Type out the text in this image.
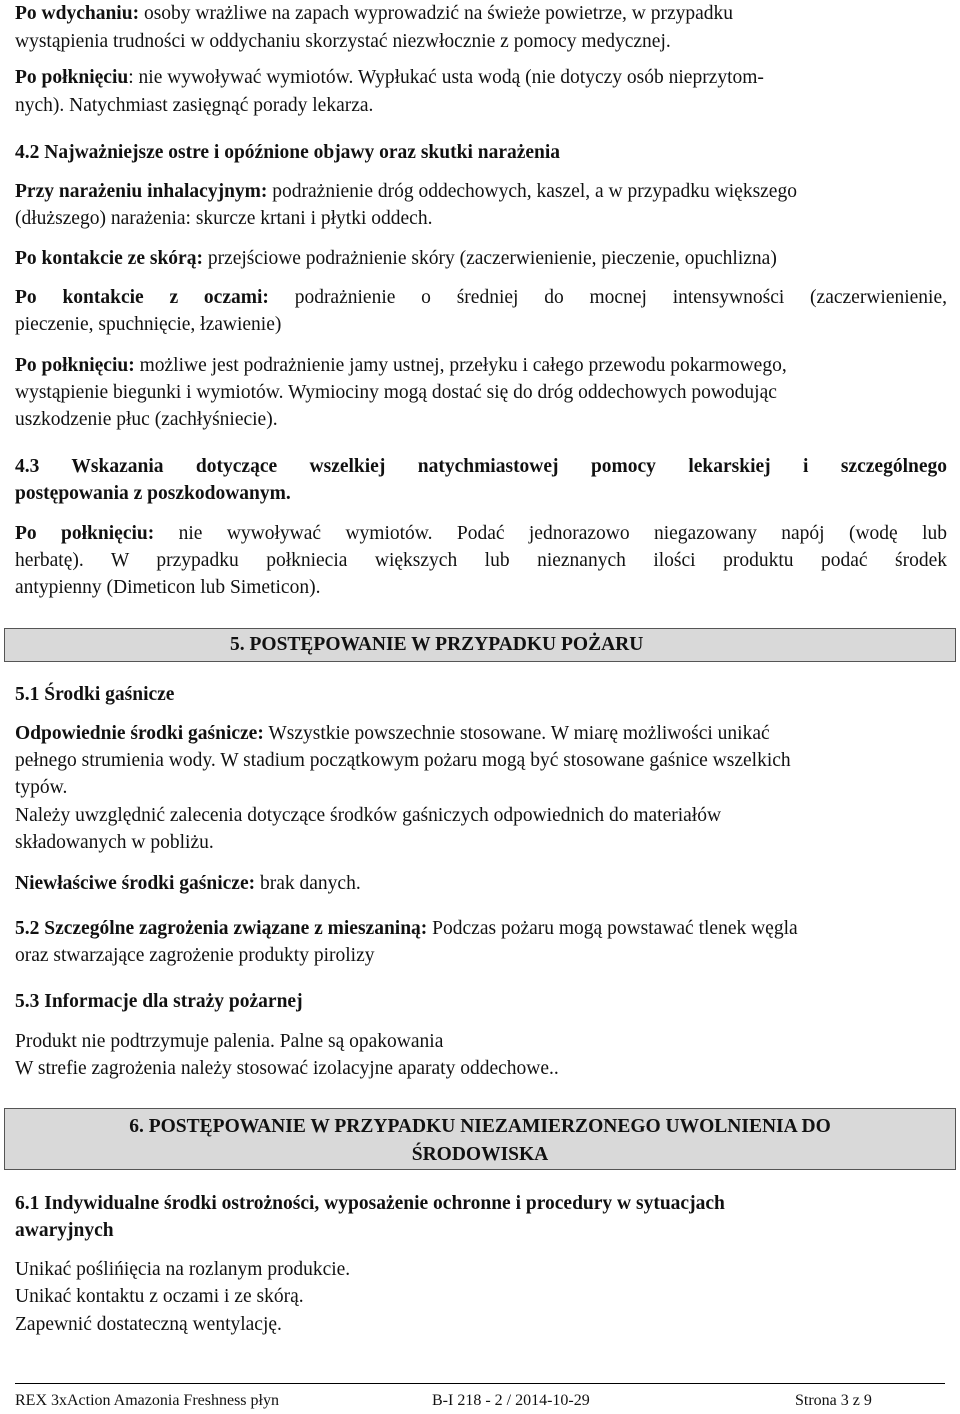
Po wdychaniu: osoby wrażliwe na zapach wyprowadzić na świeże powietrze, w przypadku

wystąpienia trudności w oddychaniu skorzystać niezwłocznie z pomocy medycznej.

Po połknięciu: nie wywoływać wymiotów. Wypłukać usta wodą (nie dotyczy osób nieprzytom-

nych). Natychmiast zasięgnąć porady lekarza.

4.2 Najważniejsze ostre i opóźnione objawy oraz skutki narażenia

Przy narażeniu inhalacyjnym: podrażnienie dróg oddechowych, kaszel, a w przypadku większego

(dłuższego) narażenia: skurcze krtani i płytki oddech.

Po kontakcie ze skórą: przejściowe podrażnienie skóry (zaczerwienienie, pieczenie, opuchlizna)

Po kontakcie z oczami: podrażnienie o średniej do mocnej intensywności (zaczerwienienie,

pieczenie, spuchnięcie, łzawienie)

Po połknięciu: możliwe jest podrażnienie jamy ustnej, przełyku i całego przewodu pokarmowego,

wystąpienie biegunki i wymiotów. Wymiociny mogą dostać się do dróg oddechowych powodując

uszkodzenie płuc (zachłyśniecie).

4.3 Wskazania dotyczące wszelkiej natychmiastowej pomocy lekarskiej i szczególnego

postępowania z poszkodowanym.

Po połknięciu: nie wywoływać wymiotów. Podać jednorazowo niegazowany napój (wodę lub

herbatę). W przypadku połkniecia większych lub nieznanych ilości produktu podać środek

antypienny (Dimeticon lub Simeticon).

5. POSTĘPOWANIE W PRZYPADKU POŻARU

5.1 Środki gaśnicze

Odpowiednie środki gaśnicze: Wszystkie powszechnie stosowane. W miarę możliwości unikać

pełnego strumienia wody. W stadium początkowym pożaru mogą być stosowane gaśnice wszelkich

typów.

Należy uwzględnić zalecenia dotyczące środków gaśniczych odpowiednich do materiałów

składowanych w pobliżu.

Niewłaściwe środki gaśnicze: brak danych.

5.2 Szczególne zagrożenia związane z mieszaniną: Podczas pożaru mogą powstawać tlenek węgla

oraz stwarzające zagrożenie produkty pirolizy

5.3 Informacje dla straży pożarnej

Produkt nie podtrzymuje palenia. Palne są opakowania

W strefie zagrożenia należy stosować izolacyjne aparaty oddechowe..

6. POSTĘPOWANIE W PRZYPADKU NIEZAMIERZONEGO UWOLNIENIA DO
ŚRODOWISKA

6.1 Indywidualne środki ostrożności, wyposażenie ochronne i procedury w sytuacjach

awaryjnych

Unikać poślińięcia na rozlanym produkcie.

Unikać kontaktu z oczami i ze skórą.

Zapewnić dostateczną wentylację.

REX 3xAction Amazonia Freshness płyn	B-I 218 - 2 / 2014-10-29	Strona 3 z 9
